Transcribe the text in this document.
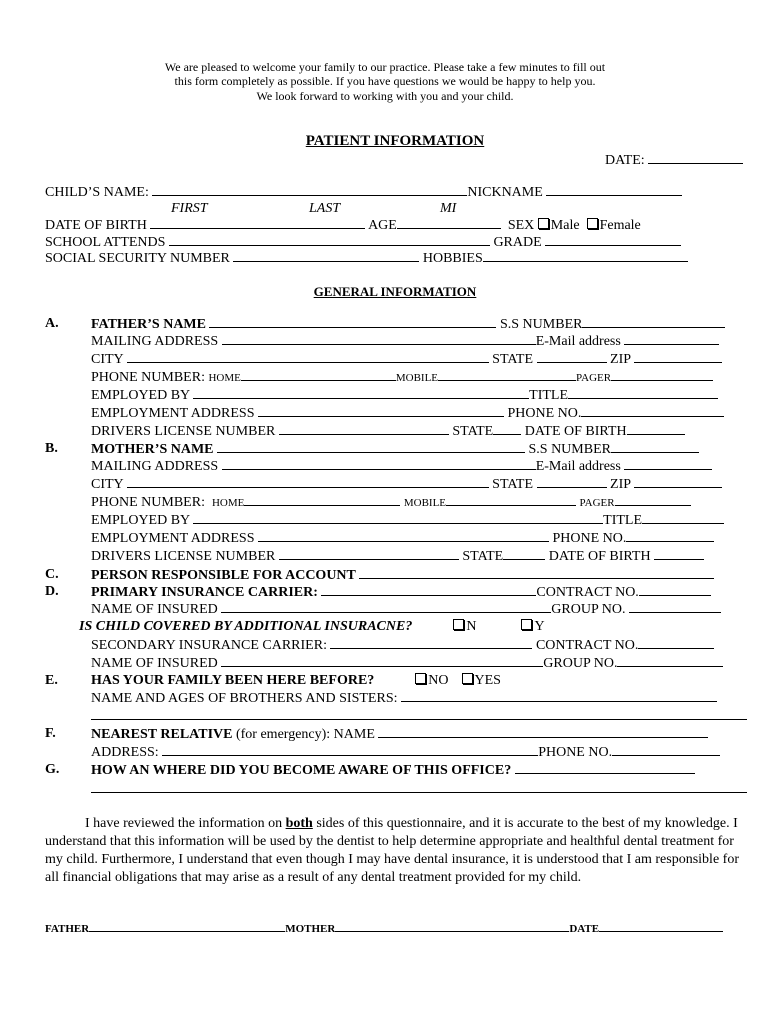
We are pleased to welcome your family to our practice. Please take a few minutes to fill out
this form completely as possible. If you have questions we would be happy to help you.
We look forward to working with you and your child.
PATIENT INFORMATION
DATE:
CHILD’S NAME:	NICKNAME
FIRST	LAST	MI
DATE OF BIRTH	AGE	SEX Male Female
SCHOOL ATTENDS	GRADE
SOCIAL SECURITY NUMBER	HOBBIES
GENERAL INFORMATION
A. FATHER’S NAME	S.S NUMBER
MAILING ADDRESS	E-Mail address
CITY	STATE	ZIP
PHONE NUMBER: HOME	MOBILE	PAGER
EMPLOYED BY	TITLE
EMPLOYMENT ADDRESS	PHONE NO.
DRIVERS LICENSE NUMBER	STATE DATE OF BIRTH
B. MOTHER’S NAME	S.S NUMBER
MAILING ADDRESS	E-Mail address
CITY	STATE	ZIP
PHONE NUMBER: HOME	MOBILE	PAGER
EMPLOYED BY	TITLE
EMPLOYMENT ADDRESS	PHONE NO.
DRIVERS LICENSE NUMBER	STATE	DATE OF BIRTH
C. PERSON RESPONSIBLE FOR ACCOUNT
D. PRIMARY INSURANCE CARRIER:	CONTRACT NO.
NAME OF INSURED	GROUP NO.
IS CHILD COVERED BY ADDITIONAL INSURACNE?	N	Y
SECONDARY INSURANCE CARRIER:	CONTRACT NO.
NAME OF INSURED	GROUP NO.
E. HAS YOUR FAMILY BEEN HERE BEFORE?	NO YES
NAME AND AGES OF BROTHERS AND SISTERS:
F.	NEAREST RELATIVE (for emergency): NAME
ADDRESS:	PHONE NO.
G. HOW AN WHERE DID YOU BECOME AWARE OF THIS OFFICE?
I have reviewed the information on both sides of this questionnaire, and it is accurate to the best of my knowledge. I understand that this information will be used by the dentist to help determine appropriate and healthful dental treatment for my child. Furthermore, I understand that even though I may have dental insurance, it is understood that I am responsible for all financial obligations that may arise as a result of any dental treatment provided for my child.
FATHER	MOTHER	DATE
